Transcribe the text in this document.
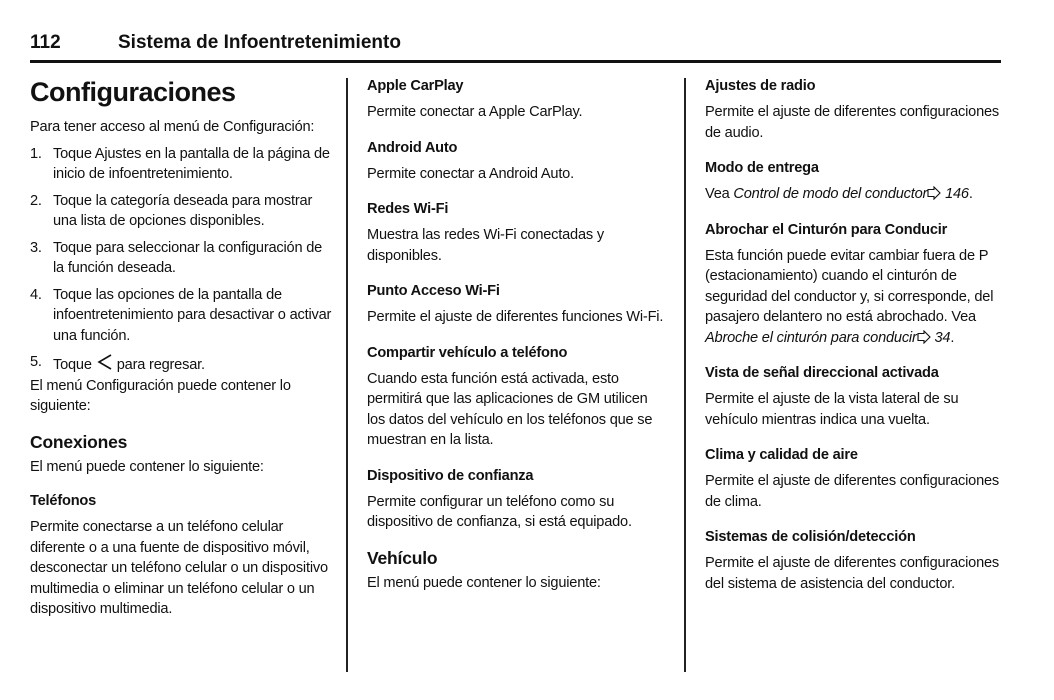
112	Sistema de Infoentretenimiento
Configuraciones

Para tener acceso al menú de Configuración:

1. Toque Ajustes en la pantalla de la página de inicio de infoentretenimiento.
2. Toque la categoría deseada para mostrar una lista de opciones disponibles.
3. Toque para seleccionar la configuración de la función deseada.
4. Toque las opciones de la pantalla de infoentretenimiento para desactivar o activar una función.
5. Toque para regresar.

El menú Configuración puede contener lo siguiente:

Conexiones

El menú puede contener lo siguiente:

Teléfonos

Permite conectarse a un teléfono celular diferente o a una fuente de dispositivo móvil, desconectar un teléfono celular o un dispositivo multimedia o eliminar un teléfono celular o un dispositivo multimedia.

Apple CarPlay

Permite conectar a Apple CarPlay.

Android Auto

Permite conectar a Android Auto.

Redes Wi-Fi

Muestra las redes Wi-Fi conectadas y disponibles.

Punto Acceso Wi-Fi

Permite el ajuste de diferentes funciones Wi-Fi.

Compartir vehículo a teléfono

Cuando esta función está activada, esto permitirá que las aplicaciones de GM utilicen los datos del vehículo en los teléfonos que se muestran en la lista.

Dispositivo de confianza

Permite configurar un teléfono como su dispositivo de confianza, si está equipado.

Vehículo

El menú puede contener lo siguiente:

Ajustes de radio

Permite el ajuste de diferentes configuraciones de audio.

Modo de entrega

Vea Control de modo del conductor 146.

Abrochar el Cinturón para Conducir

Esta función puede evitar cambiar fuera de P (estacionamiento) cuando el cinturón de seguridad del conductor y, si corresponde, del pasajero delantero no está abrochado. Vea Abroche el cinturón para conducir 34.

Vista de señal direccional activada

Permite el ajuste de la vista lateral de su vehículo mientras indica una vuelta.

Clima y calidad de aire

Permite el ajuste de diferentes configuraciones de clima.

Sistemas de colisión/detección

Permite el ajuste de diferentes configuraciones del sistema de asistencia del conductor.
